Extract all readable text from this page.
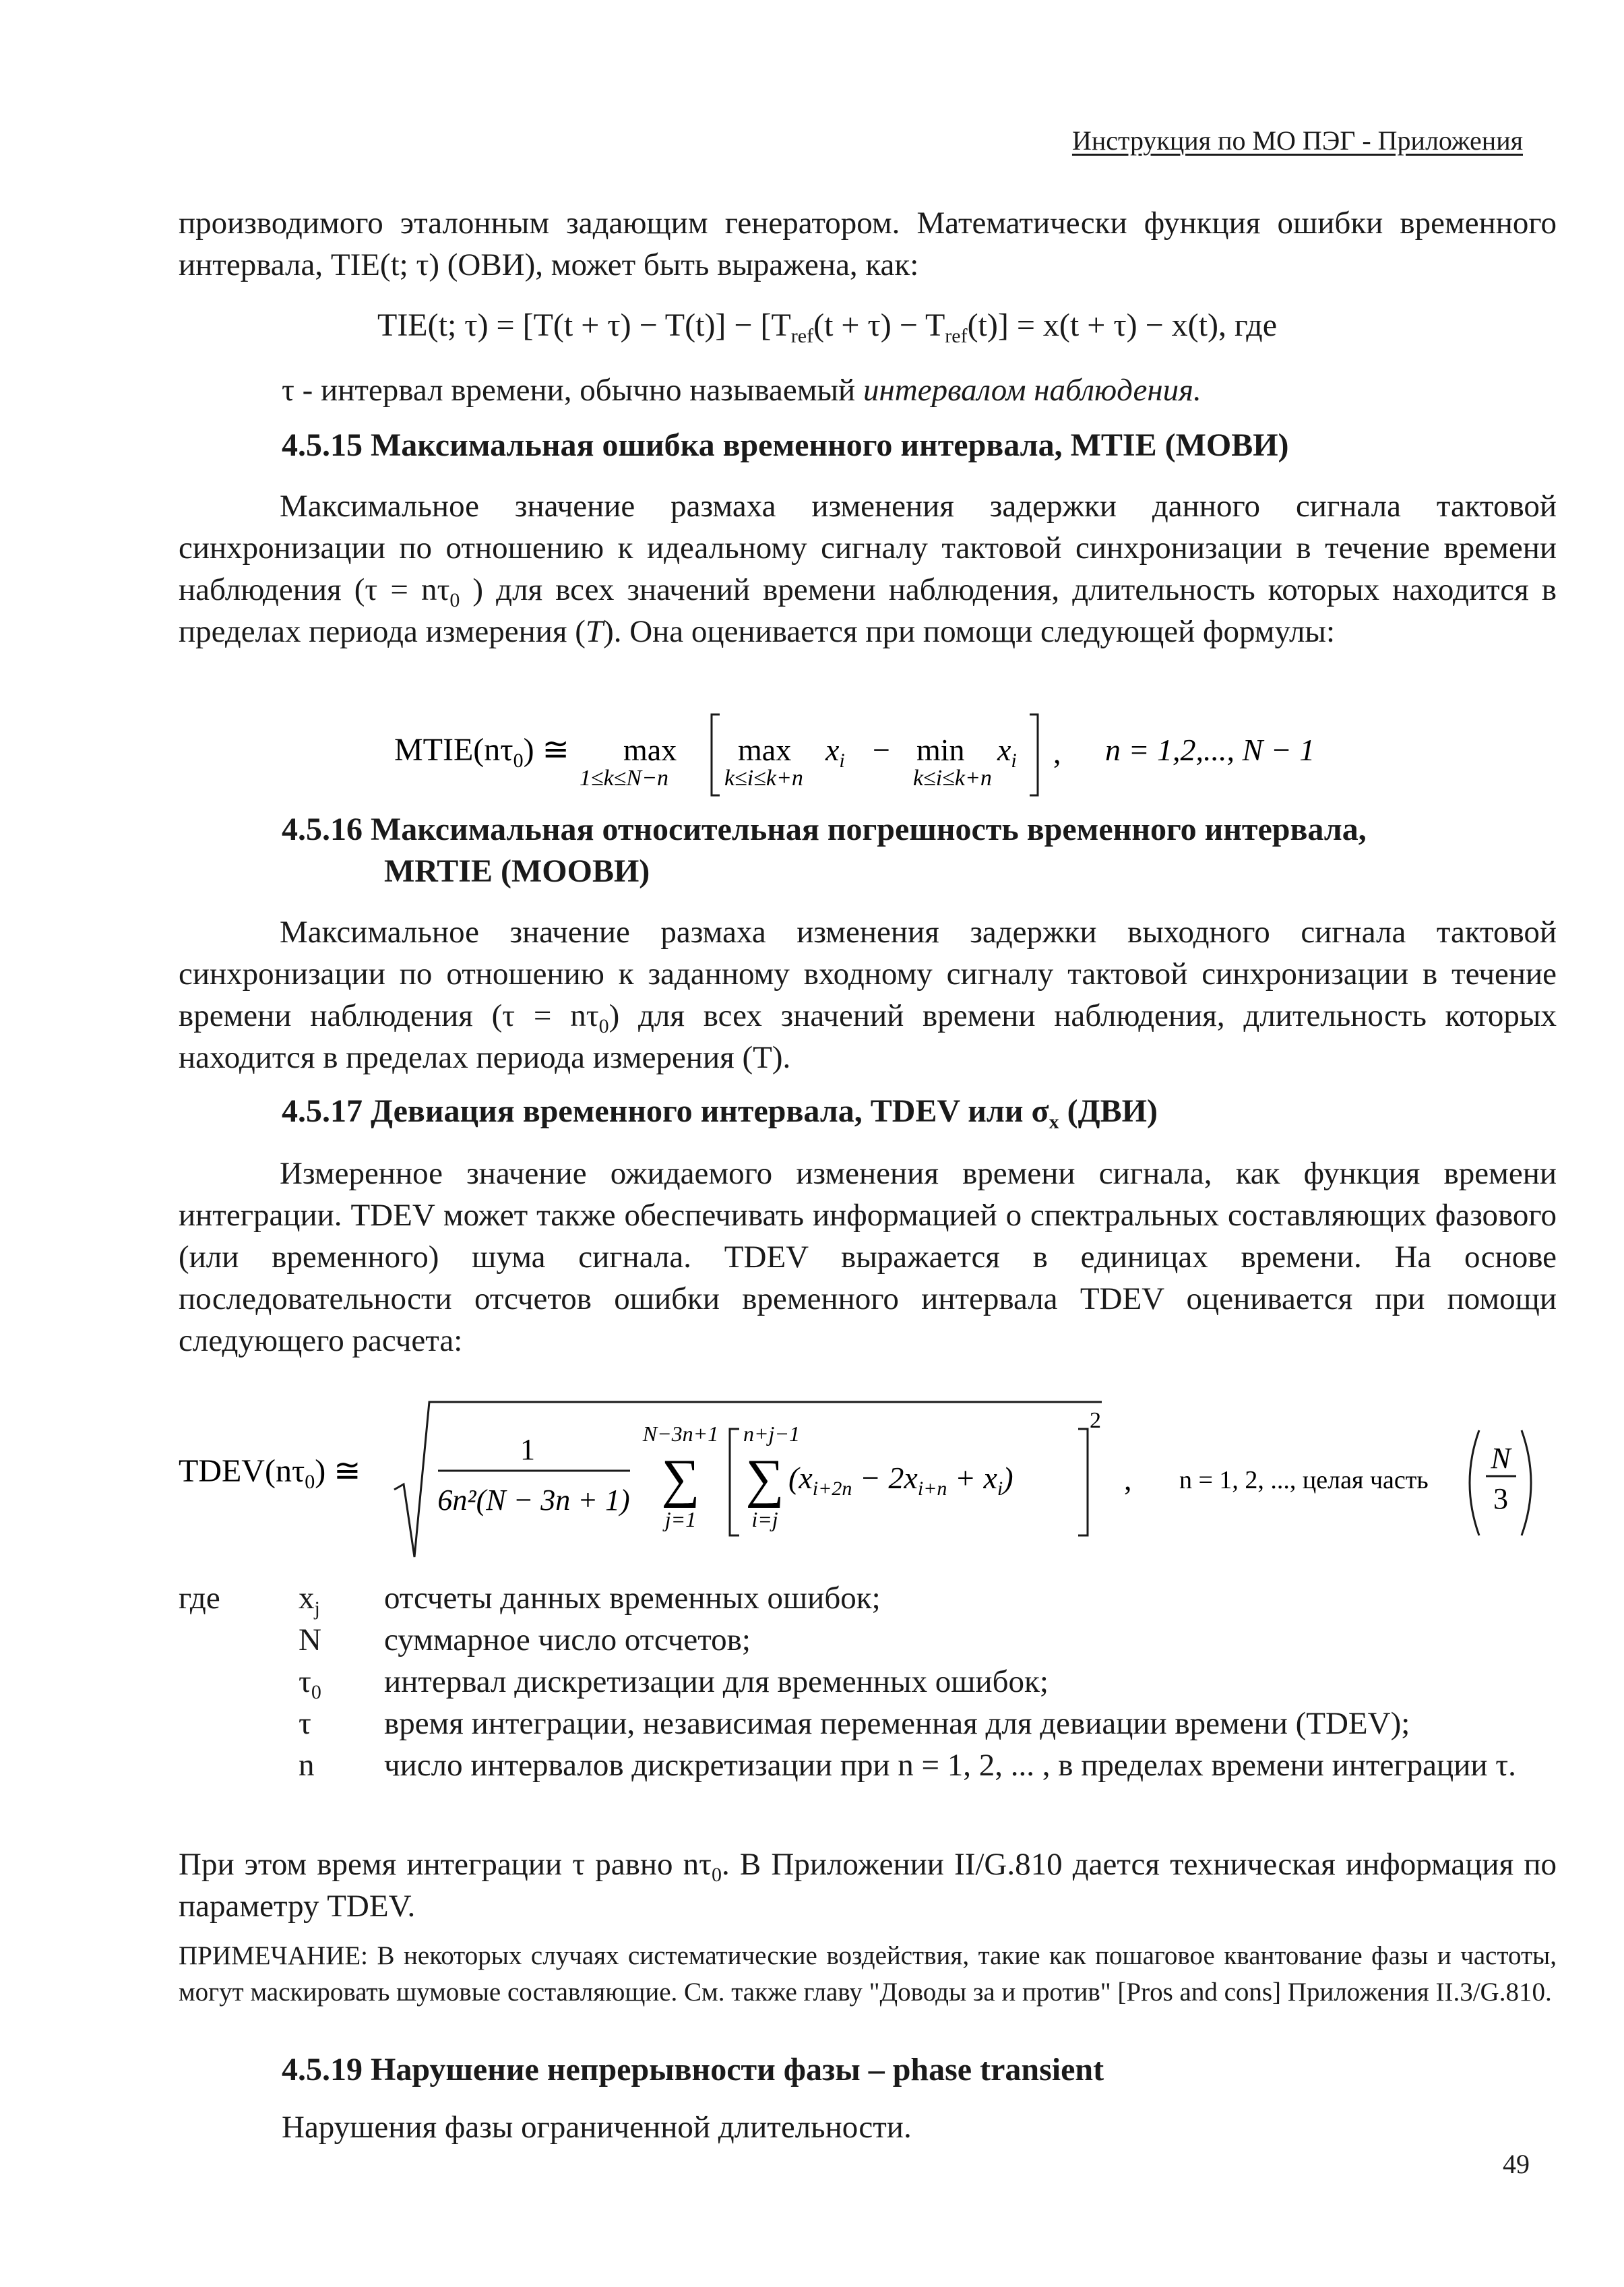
Инструкция по МО ПЭГ - Приложения
производимого эталонным задающим генератором. Математически функция ошибки временного интервала, TIE(t; τ) (ОВИ), может быть выражена, как:
TIE(t; $\tau) = [T(t + \tau) - T(t)] - [T_{ref}(t + \tau) - T_{ref}(t)] = x(t + \tau) - x(t)$, где
τ - интервал времени, обычно называемый интервалом наблюдения.
4.5.15 Максимальная ошибка временного интервала, MTIE (МОВИ)
Максимальное значение размаха изменения задержки данного сигнала тактовой синхронизации по отношению к идеальному сигналу тактовой синхронизации в течение времени наблюдения ($\tau = n\tau_0$ ) для всех значений времени наблюдения, длительность которых находится в пределах периода измерения (T). Она оценивается при помощи следующей формулы:
$MTIE(n\tau_0)$ ≅ max
1≤k≤N−n
$\max x_i - \min x_i$
k≤i≤k+n	k≤i≤k+n
, n = 1,2,..., N − 1
4.5.16 Максимальная относительная погрешность временного интервала,
MRTIE (МООВИ)
Максимальное значение размаха изменения задержки выходного сигнала тактовой синхронизации по отношению к заданному входному сигналу тактовой синхронизации в течение времени наблюдения $(\tau = n\tau_0)$ для всех значений времени наблюдения, длительность которых находится в пределах периода измерения (T).
4.5.17 Девиация временного интервала, TDEV или $\sigma_x$ (ДВИ)
Измеренное значение ожидаемого изменения времени сигнала, как функция времени интеграции. TDEV может также обеспечивать информацией о спектральных составляющих фазового (или временного) шума сигнала. TDEV выражается в единицах времени. На основе последовательности отсчетов ошибки временного интервала TDEV оценивается при помощи следующего расчета:
$TDEV(n\tau_0)$ ≅
1
6n²(N − 3n + 1)
N−3n+1
∑
j=1
n+j−1
∑
i=j
$(x_{i+2n} - 2x_{i+n} + x_i)$
2
, n = 1, 2, ..., целая часть
N
3
где $x_j$	отсчеты данных временных ошибок;
N	суммарное число отсчетов;
$\tau_0$	интервал дискретизации для временных ошибок;
τ	время интеграции, независимая переменная для девиации времени (TDEV);
n	число интервалов дискретизации при n = 1, 2, ... , в пределах времени интеграции τ.
При этом время интеграции τ равно $n\tau_0$. В Приложении II/G.810 дается техническая информация по параметру TDEV.
ПРИМЕЧАНИЕ: В некоторых случаях систематические воздействия, такие как пошаговое квантование фазы и частоты, могут маскировать шумовые составляющие. См. также главу "Доводы за и против" [Pros and cons] Приложения II.3/G.810.
4.5.19 Нарушение непрерывности фазы – phase transient
Нарушения фазы ограниченной длительности.
49
